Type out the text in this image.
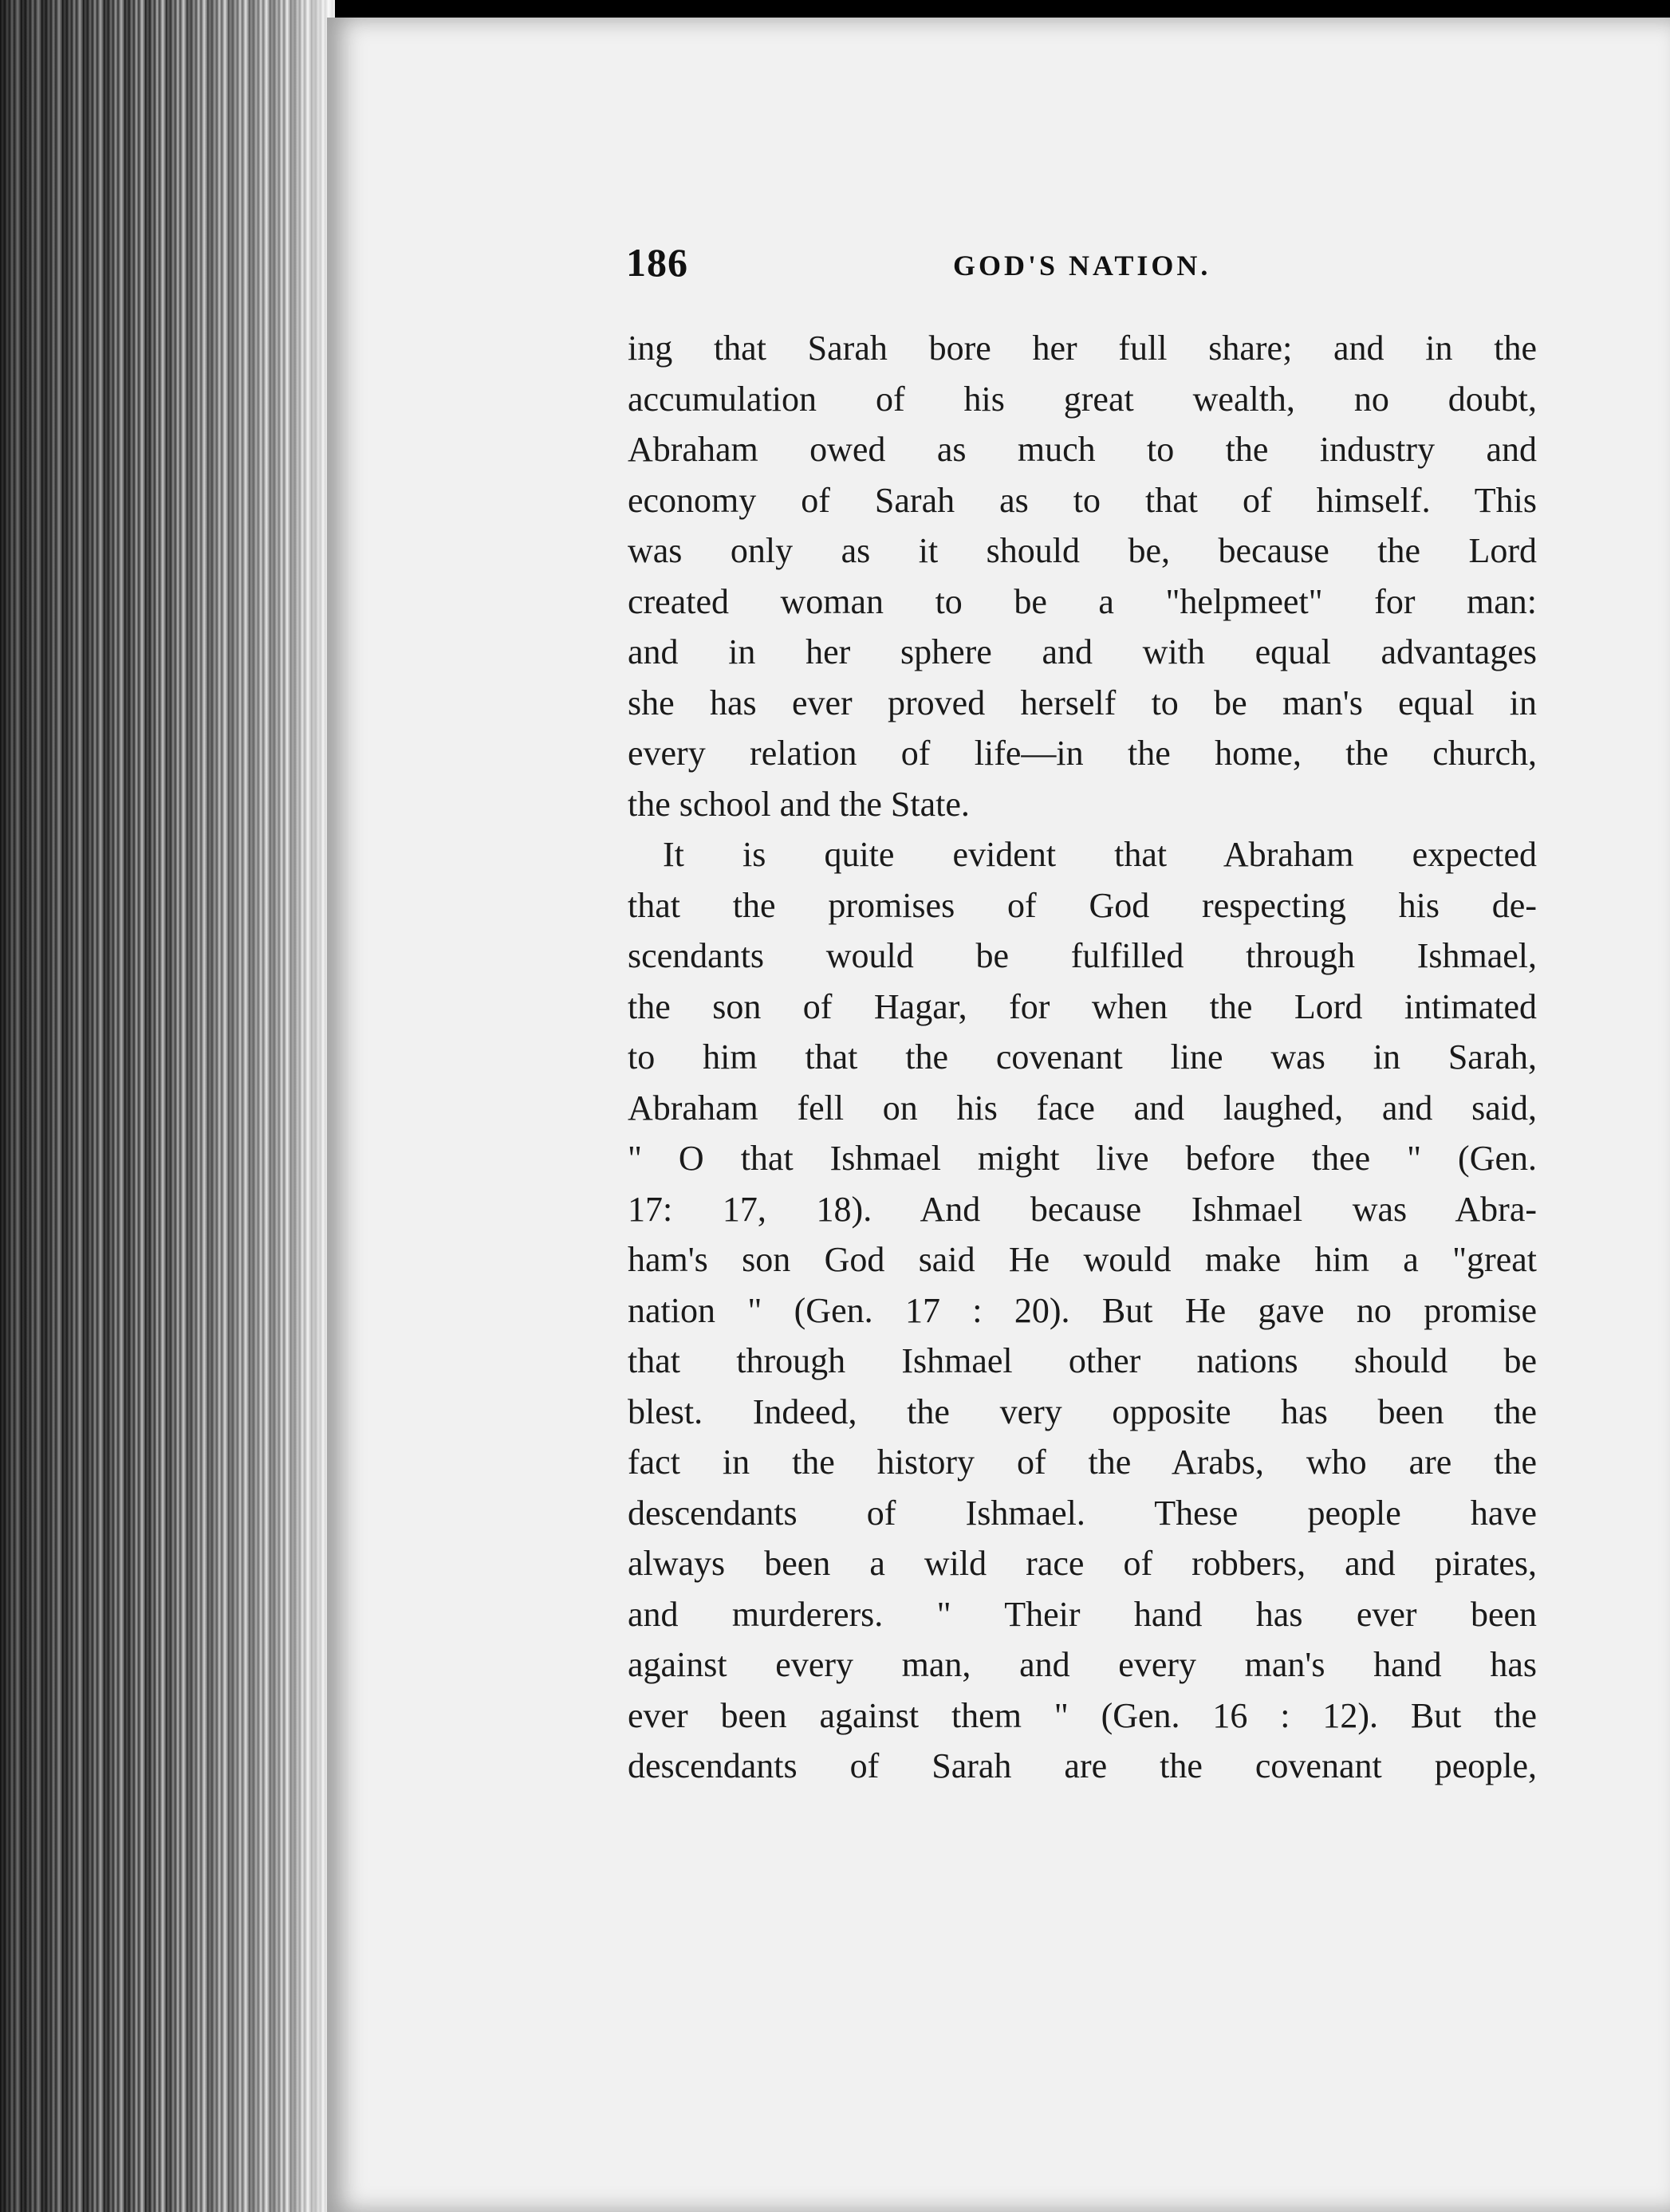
186	GOD'S NATION.
ing that Sarah bore her full share; and in the
accumulation of his great wealth, no doubt,
Abraham owed as much to the industry and
economy of Sarah as to that of himself. This
was only as it should be, because the Lord
created woman to be a "helpmeet" for man:
and in her sphere and with equal advantages
she has ever proved herself to be man's equal in
every relation of life—in the home, the church,
the school and the State.
It is quite evident that Abraham expected
that the promises of God respecting his de-
scendants would be fulfilled through Ishmael,
the son of Hagar, for when the Lord intimated
to him that the covenant line was in Sarah,
Abraham fell on his face and laughed, and said,
" O that Ishmael might live before thee " (Gen.
17: 17, 18). And because Ishmael was Abra-
ham's son God said He would make him a "great
nation " (Gen. 17 : 20). But He gave no promise
that through Ishmael other nations should be
blest. Indeed, the very opposite has been the
fact in the history of the Arabs, who are the
descendants of Ishmael. These people have
always been a wild race of robbers, and pirates,
and murderers. " Their hand has ever been
against every man, and every man's hand has
ever been against them " (Gen. 16 : 12). But the
descendants of Sarah are the covenant people,
